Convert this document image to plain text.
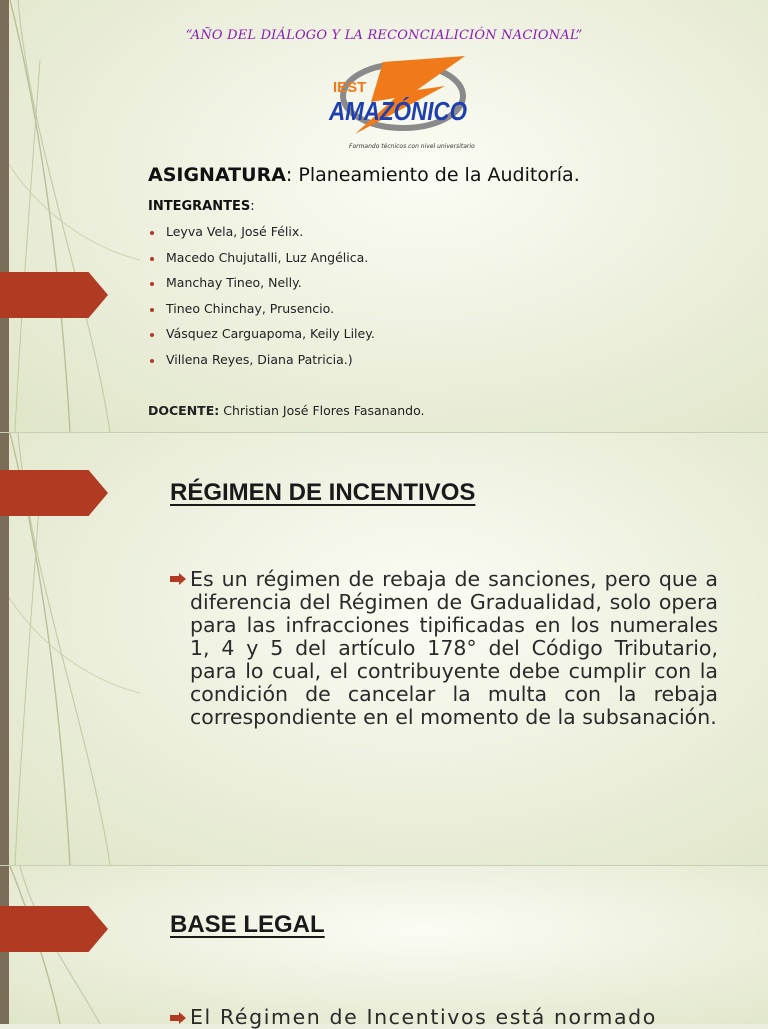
“AÑO DEL DIÁLOGO Y LA RECONCIALICIÓN NACIONAL”
IEST
AMAZÓNICO
Formando técnicos con nivel universitario
ASIGNATURA: Planeamiento de la Auditoría.
INTEGRANTES:
Leyva Vela, José Félix.
Macedo Chujutalli, Luz Angélica.
Manchay Tineo, Nelly.
Tineo Chinchay, Prusencio.
Vásquez Carguapoma, Keily Liley.
Villena Reyes, Diana Patricia.)
DOCENTE: Christian José Flores Fasanando.
RÉGIMEN DE INCENTIVOS

Es un régimen de rebaja de sanciones, pero que a diferencia del Régimen de Gradualidad, solo opera para las infracciones tipificadas en los numerales 1, 4 y 5 del artículo 178° del Código Tributario, para lo cual, el contribuyente debe cumplir con la condición de cancelar la multa con la rebaja correspondiente en el momento de la subsanación.

BASE LEGAL

El Régimen de Incentivos está normado
